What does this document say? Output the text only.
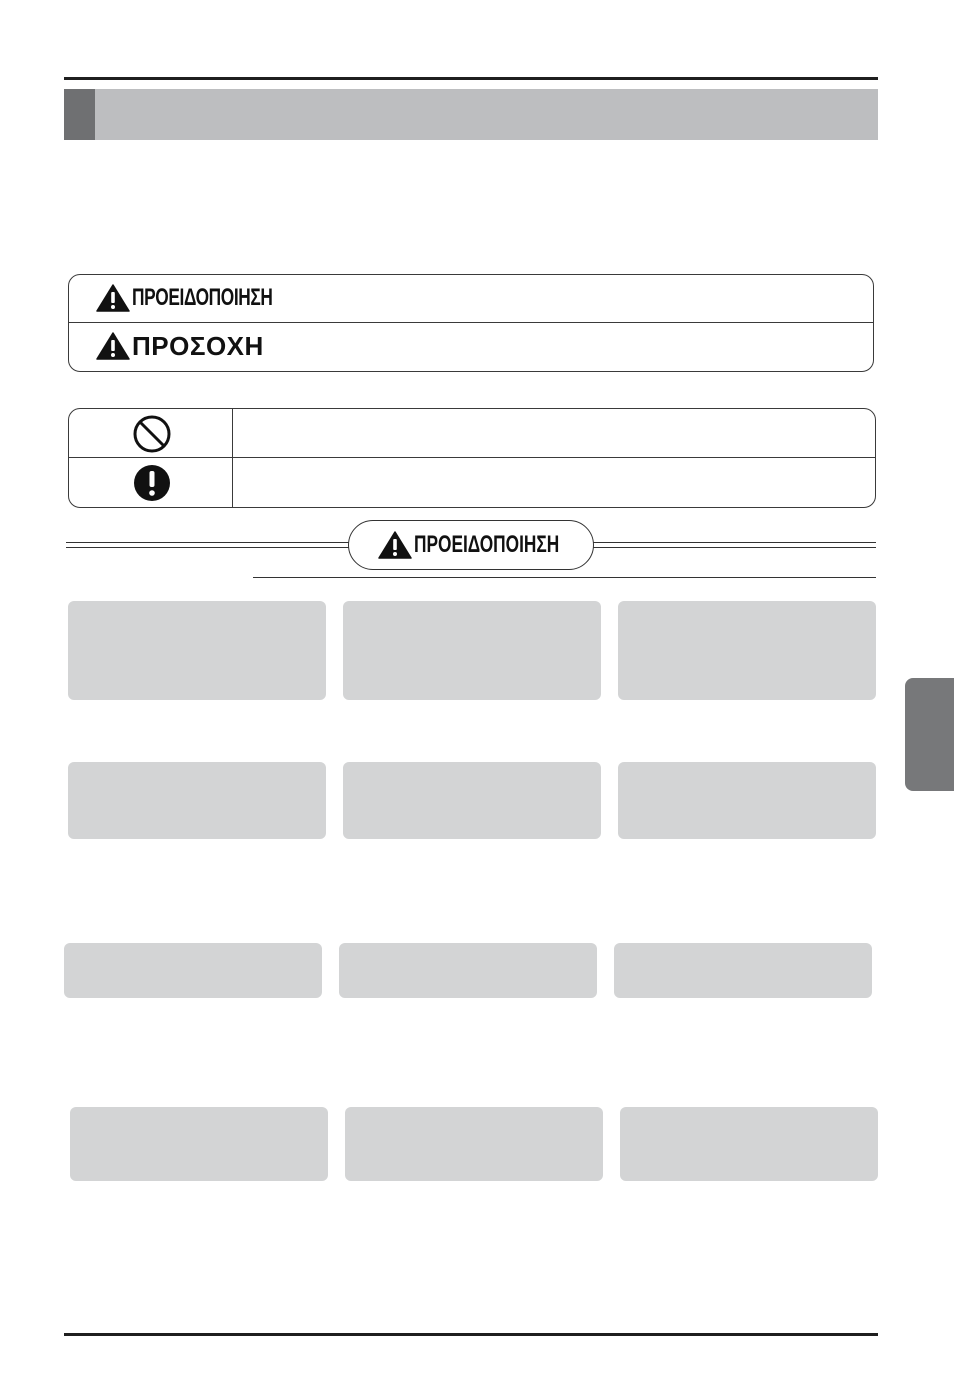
ΠΡΟΕΙΔΟΠΟΙΗΣΗ
ΠΡΟΣΟΧΗ
ΠΡΟΕΙΔΟΠΟΙΗΣΗ
